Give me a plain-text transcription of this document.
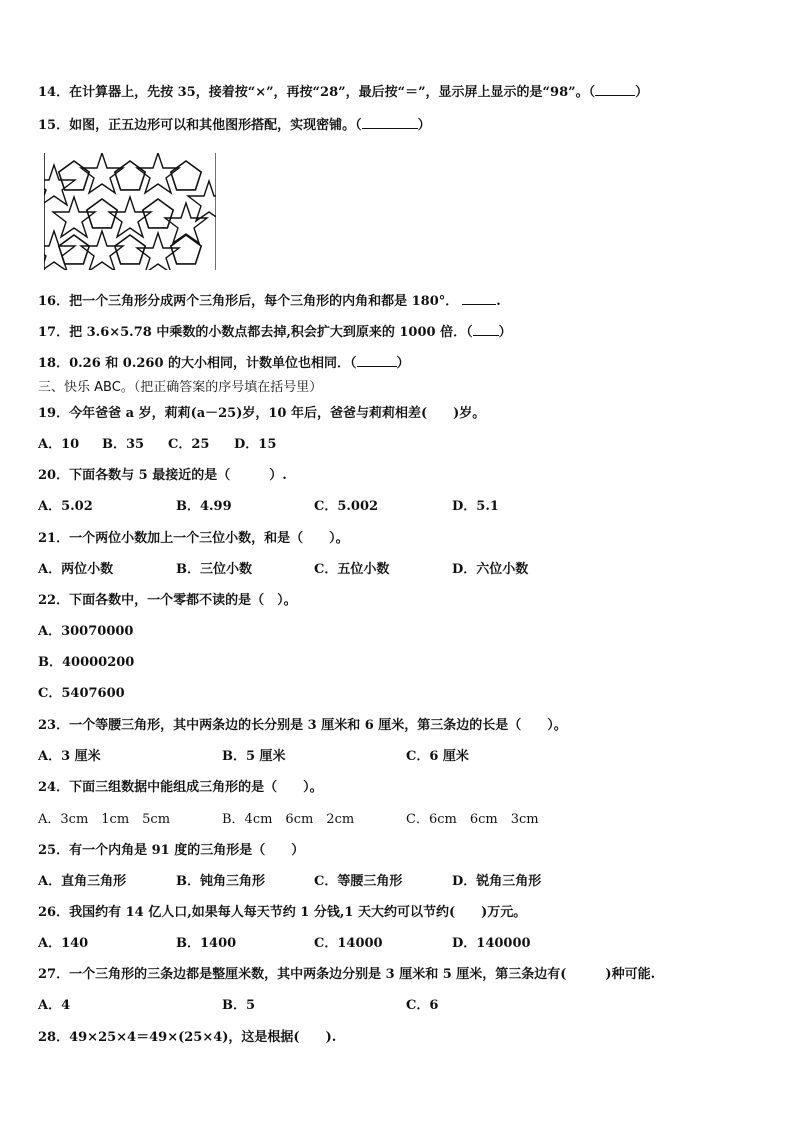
14．在计算器上，先按 35，接着按“×”，再按“28”，最后按“＝”，显示屏上显示的是“98”。（	）
15．如图，正五边形可以和其他图形搭配，实现密铺。（	）
16．把一个三角形分成两个三角形后，每个三角形的内角和都是 180°．	.
17．把 3.6×5.78 中乘数的小数点都去掉,积会扩大到原来的 1000 倍．（ ）
18．0.26 和 0.260 的大小相同，计数单位也相同．（	）
三、快乐 ABC。（把正确答案的序号填在括号里）
19．今年爸爸 a 岁，莉莉(a－25)岁，10 年后，爸爸与莉莉相差(　　)岁。
A．10 B．35 C．25 D．15
20．下面各数与 5 最接近的是（　　　）.
A．5.02	B．4.99	C．5.002	D．5.1
21．一个两位小数加上一个三位小数，和是（　　）。
A．两位小数	B．三位小数	C．五位小数	D．六位小数
22．下面各数中，一个零都不读的是（　）。
A．30070000
B．40000200
C．5407600
23．一个等腰三角形，其中两条边的长分别是 3 厘米和 6 厘米，第三条边的长是（　　）。
A．3 厘米	B．5 厘米	C．6 厘米
24．下面三组数据中能组成三角形的是（　　）。
A．3cm　1cm　5cm	B．4cm　6cm　2cm	C．6cm　6cm　3cm
25．有一个内角是 91 度的三角形是（　　）
A．直角三角形	B．钝角三角形	C．等腰三角形	D．锐角三角形
26．我国约有 14 亿人口,如果每人每天节约 1 分钱,1 天大约可以节约(　　)万元。
A．140	B．1400	C．14000	D．140000
27．一个三角形的三条边都是整厘米数，其中两条边分别是 3 厘米和 5 厘米，第三条边有(　　　)种可能.
A．4	B．5	C．6
28．49×25×4＝49×(25×4)，这是根据(　　).
